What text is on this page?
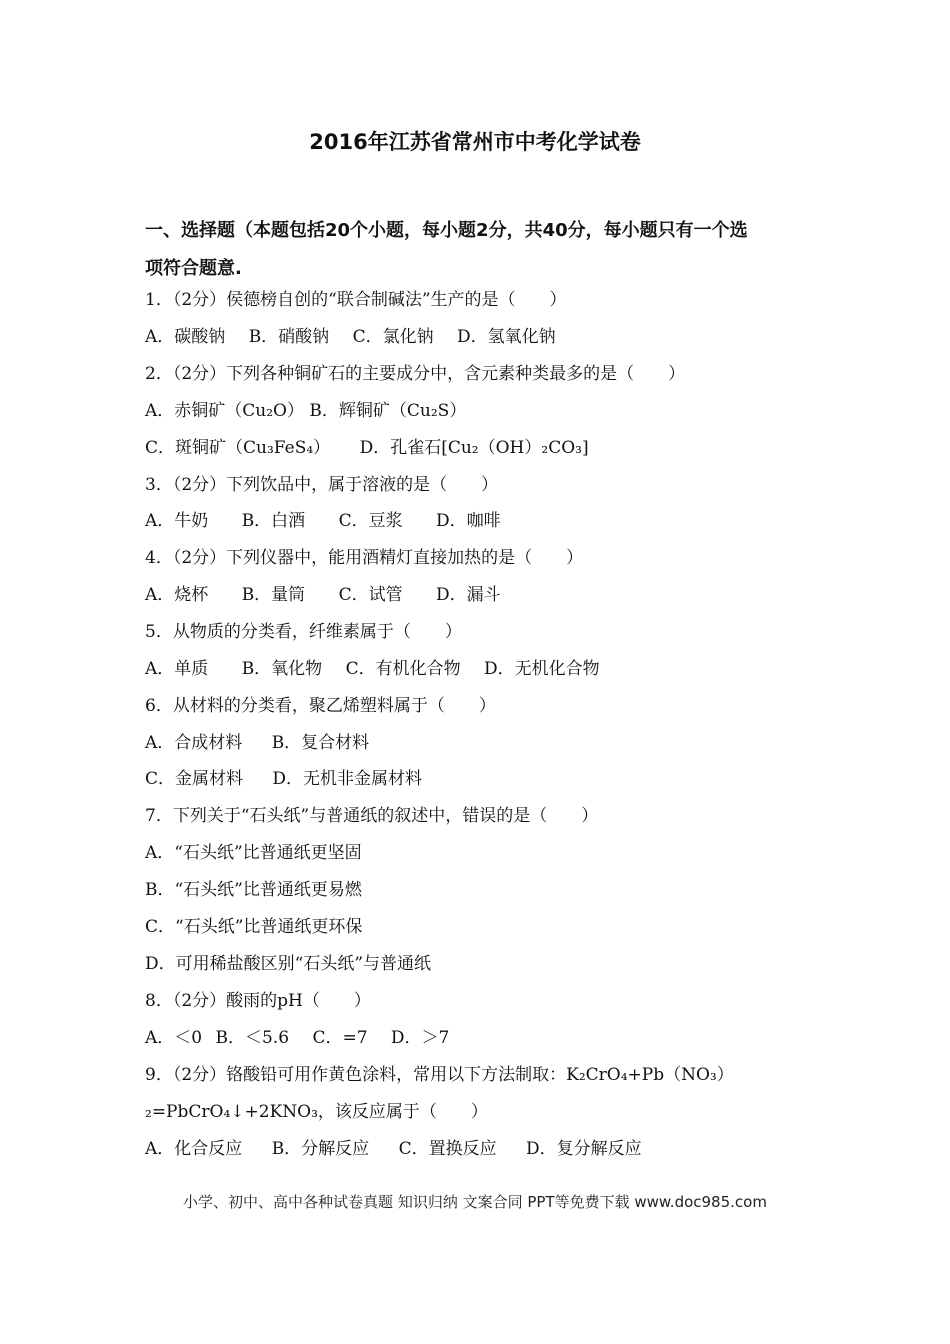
2016年江苏省常州市中考化学试卷
一、选择题（本题包括20个小题，每小题2分，共40分，每小题只有一个选
项符合题意.
1．（2分）侯德榜自创的“联合制碱法”生产的是（　　）
A．碳酸钠 B．硝酸钠 C．氯化钠 D．氢氧化钠
2．（2分）下列各种铜矿石的主要成分中，含元素种类最多的是（　　）
A．赤铜矿（Cu₂O） B．辉铜矿（Cu₂S）
C．斑铜矿（Cu₃FeS₄） D．孔雀石[Cu₂（OH）₂CO₃]
3．（2分）下列饮品中，属于溶液的是（　　）
A．牛奶 B．白酒 C．豆浆 D．咖啡
4．（2分）下列仪器中，能用酒精灯直接加热的是（　　）
A．烧杯 B．量筒 C．试管 D．漏斗
5．从物质的分类看，纤维素属于（　　）
A．单质 B．氧化物 C．有机化合物 D．无机化合物
6．从材料的分类看，聚乙烯塑料属于（　　）
A．合成材料 B．复合材料
C．金属材料 D．无机非金属材料
7．下列关于“石头纸”与普通纸的叙述中，错误的是（　　）
A．“石头纸”比普通纸更坚固
B．“石头纸”比普通纸更易燃
C．“石头纸”比普通纸更环保
D．可用稀盐酸区别“石头纸”与普通纸
8．（2分）酸雨的pH（　　）
A．＜0 B．＜5.6 C．=7 D．＞7
9．（2分）铬酸铅可用作黄色涂料，常用以下方法制取：K₂CrO₄+Pb（NO₃）
₂=PbCrO₄↓+2KNO₃，该反应属于（　　）
A．化合反应 B．分解反应 C．置换反应 D．复分解反应
小学、初中、高中各种试卷真题 知识归纳 文案合同 PPT等免费下载 www.doc985.com
